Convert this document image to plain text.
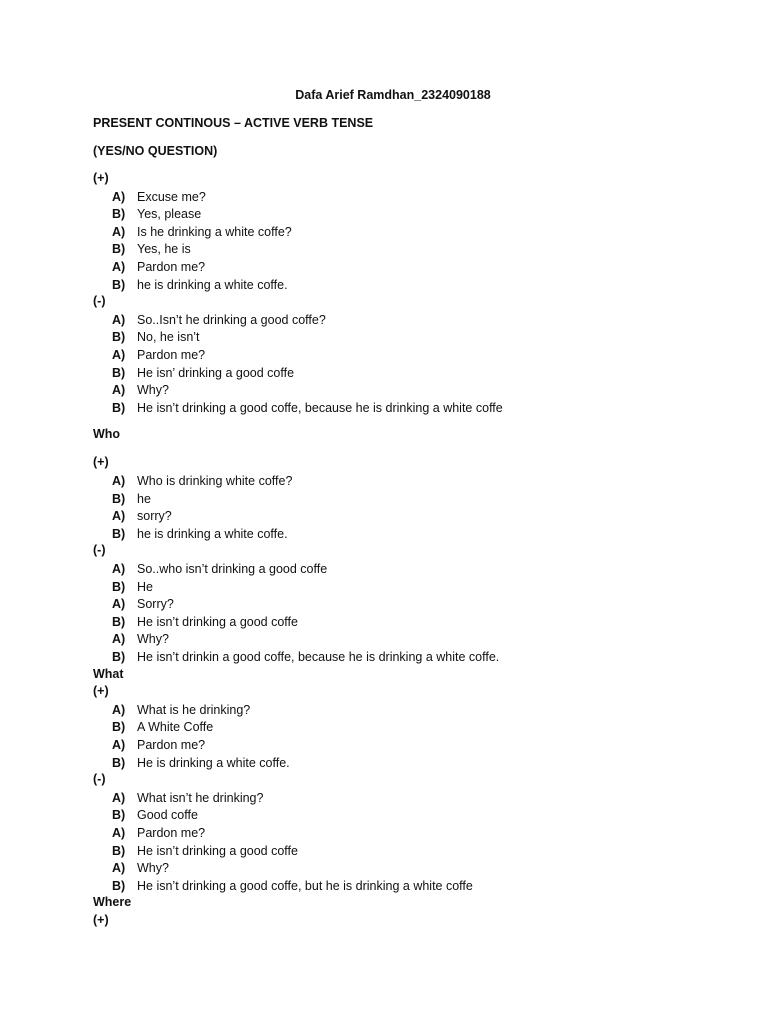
Dafa Arief Ramdhan_2324090188
PRESENT CONTINOUS – ACTIVE VERB TENSE
(YES/NO QUESTION)
(+)
A) Excuse me?
B) Yes, please
A) Is he drinking a white coffe?
B) Yes, he is
A) Pardon me?
B) he is drinking a white coffe.
(-)
A) So..Isn’t he drinking a good coffe?
B) No, he isn’t
A) Pardon me?
B) He isn’ drinking a good coffe
A) Why?
B) He isn’t drinking a good coffe, because he is drinking a white coffe
Who
(+)
A) Who is drinking white coffe?
B) he
A) sorry?
B) he is drinking a white coffe.
(-)
A) So..who isn’t drinking a good coffe
B) He
A) Sorry?
B) He isn’t drinking a good coffe
A) Why?
B) He isn’t drinkin a good coffe, because he is drinking a white coffe.
What
(+)
A) What is he drinking?
B) A White Coffe
A) Pardon me?
B) He is drinking a white coffe.
(-)
A) What isn’t he drinking?
B) Good coffe
A) Pardon me?
B) He isn’t drinking a good coffe
A) Why?
B) He isn’t drinking a good coffe, but he is drinking a white coffe
Where
(+)
